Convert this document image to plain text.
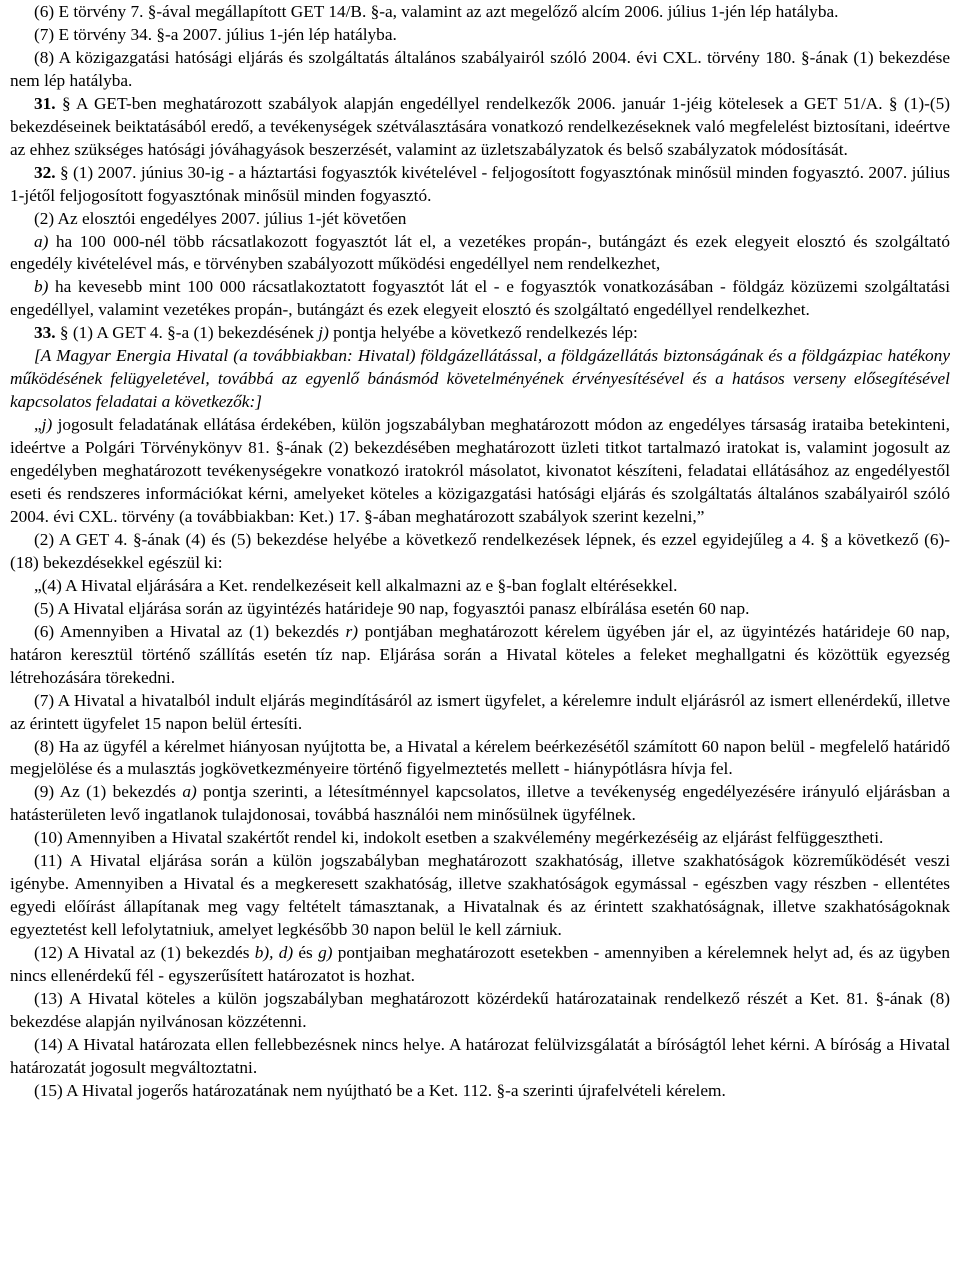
(6) E törvény 7. §-ával megállapított GET 14/B. §-a, valamint az azt megelőző alcím 2006. július 1-jén lép hatályba.

(7) E törvény 34. §-a 2007. július 1-jén lép hatályba.

(8) A közigazgatási hatósági eljárás és szolgáltatás általános szabályairól szóló 2004. évi CXL. törvény 180. §-ának (1) bekezdése nem lép hatályba.

31. § A GET-ben meghatározott szabályok alapján engedéllyel rendelkezők 2006. január 1-jéig kötelesek a GET 51/A. § (1)-(5) bekezdéseinek beiktatásából eredő, a tevékenységek szétválasztására vonatkozó rendelkezéseknek való megfelelést biztosítani, ideértve az ehhez szükséges hatósági jóváhagyások beszerzését, valamint az üzletszabályzatok és belső szabályzatok módosítását.

32. § (1) 2007. június 30-ig - a háztartási fogyasztók kivételével - feljogosított fogyasztónak minősül minden fogyasztó. 2007. július 1-jétől feljogosított fogyasztónak minősül minden fogyasztó.

(2) Az elosztói engedélyes 2007. július 1-jét követően

a) ha 100 000-nél több rácsatlakozott fogyasztót lát el, a vezetékes propán-, butángázt és ezek elegyeit elosztó és szolgáltató engedély kivételével más, e törvényben szabályozott működési engedéllyel nem rendelkezhet,

b) ha kevesebb mint 100 000 rácsatlakoztatott fogyasztót lát el - e fogyasztók vonatkozásában - földgáz közüzemi szolgáltatási engedéllyel, valamint vezetékes propán-, butángázt és ezek elegyeit elosztó és szolgáltató engedéllyel rendelkezhet.

33. § (1) A GET 4. §-a (1) bekezdésének j) pontja helyébe a következő rendelkezés lép:

[A Magyar Energia Hivatal (a továbbiakban: Hivatal) földgázellátással, a földgázellátás biztonságának és a földgázpiac hatékony működésének felügyeletével, továbbá az egyenlő bánásmód követelményének érvényesítésével és a hatásos verseny elősegítésével kapcsolatos feladatai a következők:]

„j) jogosult feladatának ellátása érdekében, külön jogszabályban meghatározott módon az engedélyes társaság irataiba betekinteni, ideértve a Polgári Törvénykönyv 81. §-ának (2) bekezdésében meghatározott üzleti titkot tartalmazó iratokat is, valamint jogosult az engedélyben meghatározott tevékenységekre vonatkozó iratokról másolatot, kivonatot készíteni, feladatai ellátásához az engedélyestől eseti és rendszeres információkat kérni, amelyeket köteles a közigazgatási hatósági eljárás és szolgáltatás általános szabályairól szóló 2004. évi CXL. törvény (a továbbiakban: Ket.) 17. §-ában meghatározott szabályok szerint kezelni,”

(2) A GET 4. §-ának (4) és (5) bekezdése helyébe a következő rendelkezések lépnek, és ezzel egyidejűleg a 4. § a következő (6)-(18) bekezdésekkel egészül ki:

„(4) A Hivatal eljárására a Ket. rendelkezéseit kell alkalmazni az e §-ban foglalt eltérésekkel.

(5) A Hivatal eljárása során az ügyintézés határideje 90 nap, fogyasztói panasz elbírálása esetén 60 nap.

(6) Amennyiben a Hivatal az (1) bekezdés r) pontjában meghatározott kérelem ügyében jár el, az ügyintézés határideje 60 nap, határon keresztül történő szállítás esetén tíz nap. Eljárása során a Hivatal köteles a feleket meghallgatni és közöttük egyezség létrehozására törekedni.

(7) A Hivatal a hivatalból indult eljárás megindításáról az ismert ügyfelet, a kérelemre indult eljárásról az ismert ellenérdekű, illetve az érintett ügyfelet 15 napon belül értesíti.

(8) Ha az ügyfél a kérelmet hiányosan nyújtotta be, a Hivatal a kérelem beérkezésétől számított 60 napon belül - megfelelő határidő megjelölése és a mulasztás jogkövetkezményeire történő figyelmeztetés mellett - hiánypótlásra hívja fel.

(9) Az (1) bekezdés a) pontja szerinti, a létesítménnyel kapcsolatos, illetve a tevékenység engedélyezésére irányuló eljárásban a hatásterületen levő ingatlanok tulajdonosai, továbbá használói nem minősülnek ügyfélnek.

(10) Amennyiben a Hivatal szakértőt rendel ki, indokolt esetben a szakvélemény megérkezéséig az eljárást felfüggesztheti.

(11) A Hivatal eljárása során a külön jogszabályban meghatározott szakhatóság, illetve szakhatóságok közreműködését veszi igénybe. Amennyiben a Hivatal és a megkeresett szakhatóság, illetve szakhatóságok egymással - egészben vagy részben - ellentétes egyedi előírást állapítanak meg vagy feltételt támasztanak, a Hivatalnak és az érintett szakhatóságnak, illetve szakhatóságoknak egyeztetést kell lefolytatniuk, amelyet legkésőbb 30 napon belül le kell zárniuk.

(12) A Hivatal az (1) bekezdés b), d) és g) pontjaiban meghatározott esetekben - amennyiben a kérelemnek helyt ad, és az ügyben nincs ellenérdekű fél - egyszerűsített határozatot is hozhat.

(13) A Hivatal köteles a külön jogszabályban meghatározott közérdekű határozatainak rendelkező részét a Ket. 81. §-ának (8) bekezdése alapján nyilvánosan közzétenni.

(14) A Hivatal határozata ellen fellebbezésnek nincs helye. A határozat felülvizsgálatát a bíróságtól lehet kérni. A bíróság a Hivatal határozatát jogosult megváltoztatni.

(15) A Hivatal jogerős határozatának nem nyújtható be a Ket. 112. §-a szerinti újrafelvételi kérelem.
